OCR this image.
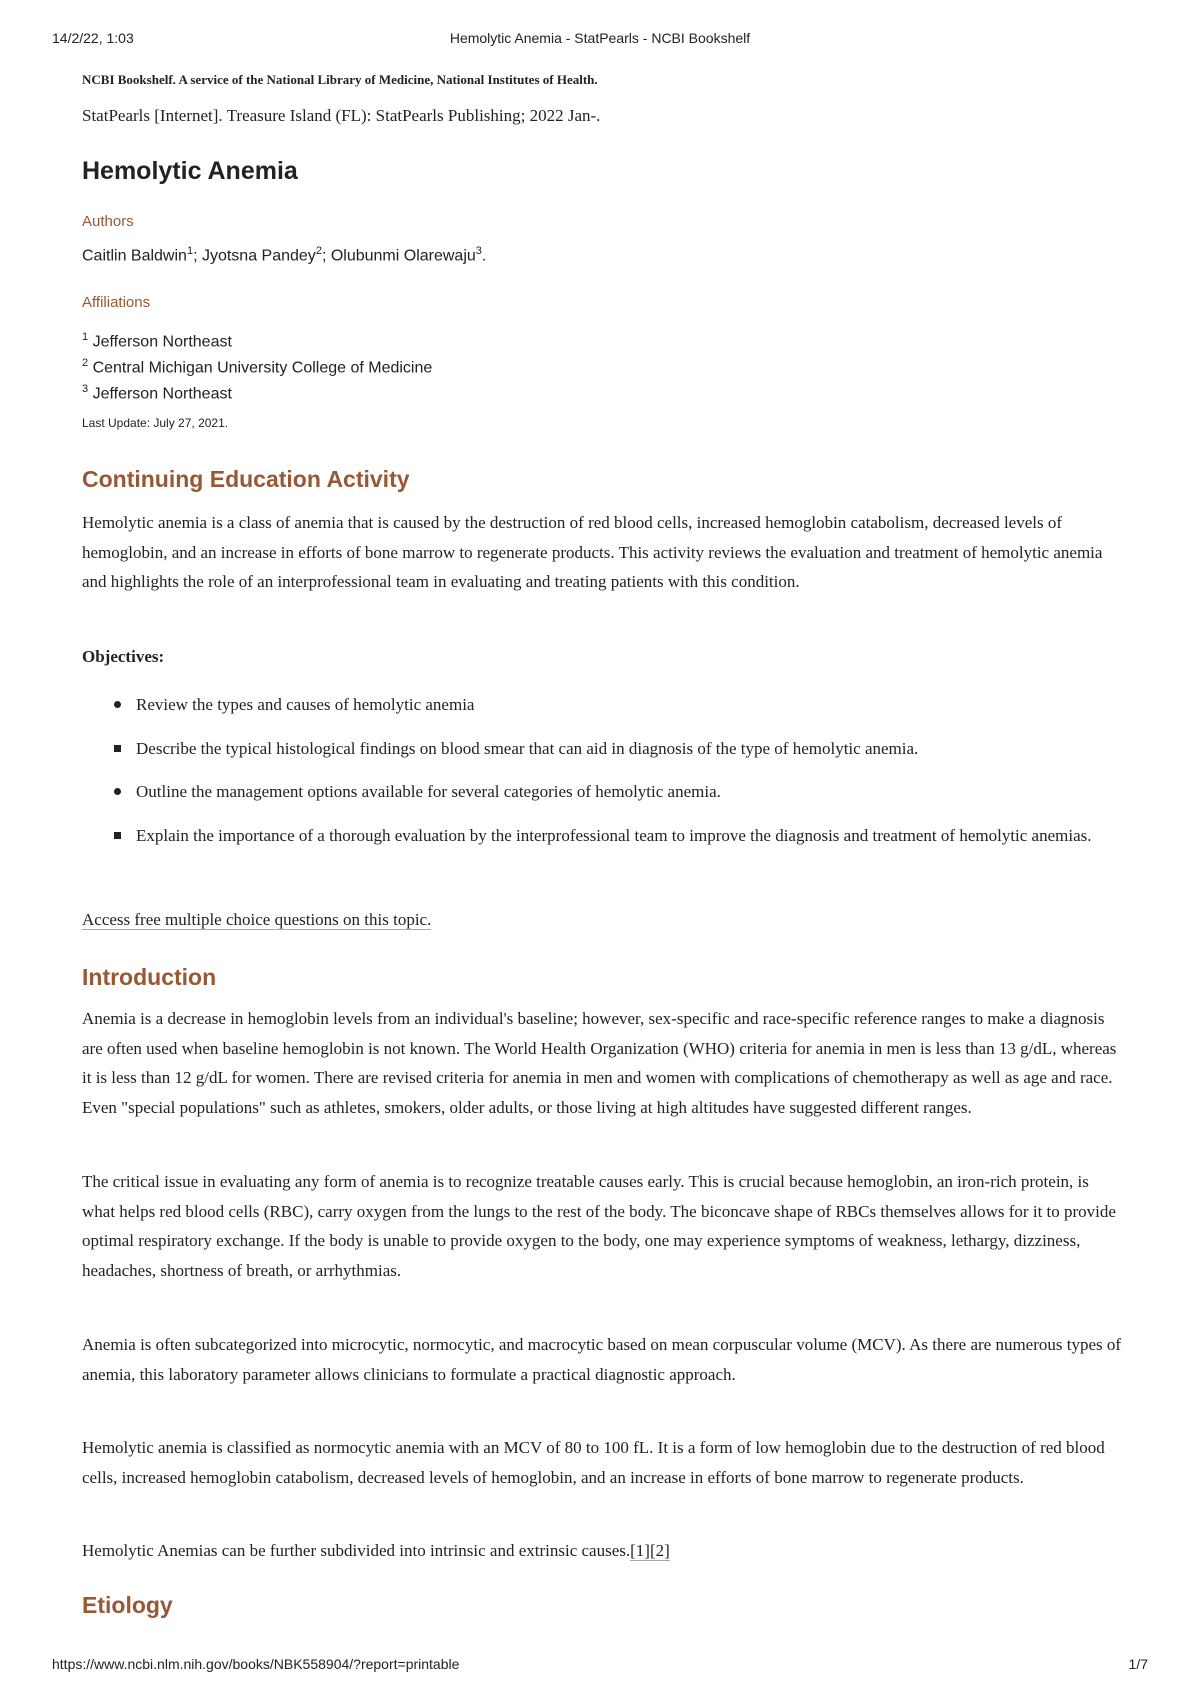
14/2/22, 1:03	Hemolytic Anemia - StatPearls - NCBI Bookshelf
NCBI Bookshelf. A service of the National Library of Medicine, National Institutes of Health.
StatPearls [Internet]. Treasure Island (FL): StatPearls Publishing; 2022 Jan-.
Hemolytic Anemia
Authors
Caitlin Baldwin$^1$; Jyotsna Pandey$^2$; Olubunmi Olarewaju$^3$.
Affiliations
$^1$ Jefferson Northeast
$^2$ Central Michigan University College of Medicine
$^3$ Jefferson Northeast
Last Update: July 27, 2021.
Continuing Education Activity

Hemolytic anemia is a class of anemia that is caused by the destruction of red blood cells, increased hemoglobin catabolism, decreased levels of hemoglobin, and an increase in efforts of bone marrow to regenerate products. This activity reviews the evaluation and treatment of hemolytic anemia and highlights the role of an interprofessional team in evaluating and treating patients with this condition.

Objectives:
Review the types and causes of hemolytic anemia
Describe the typical histological findings on blood smear that can aid in diagnosis of the type of hemolytic anemia.
Outline the management options available for several categories of hemolytic anemia.
Explain the importance of a thorough evaluation by the interprofessional team to improve the diagnosis and treatment of hemolytic anemias.
Access free multiple choice questions on this topic.
Introduction

Anemia is a decrease in hemoglobin levels from an individual's baseline; however, sex-specific and race-specific reference ranges to make a diagnosis are often used when baseline hemoglobin is not known. The World Health Organization (WHO) criteria for anemia in men is less than 13 g/dL, whereas it is less than 12 g/dL for women. There are revised criteria for anemia in men and women with complications of chemotherapy as well as age and race. Even "special populations" such as athletes, smokers, older adults, or those living at high altitudes have suggested different ranges.

The critical issue in evaluating any form of anemia is to recognize treatable causes early. This is crucial because hemoglobin, an iron-rich protein, is what helps red blood cells (RBC), carry oxygen from the lungs to the rest of the body. The biconcave shape of RBCs themselves allows for it to provide optimal respiratory exchange. If the body is unable to provide oxygen to the body, one may experience symptoms of weakness, lethargy, dizziness, headaches, shortness of breath, or arrhythmias.

Anemia is often subcategorized into microcytic, normocytic, and macrocytic based on mean corpuscular volume (MCV). As there are numerous types of anemia, this laboratory parameter allows clinicians to formulate a practical diagnostic approach.

Hemolytic anemia is classified as normocytic anemia with an MCV of 80 to 100 fL. It is a form of low hemoglobin due to the destruction of red blood cells, increased hemoglobin catabolism, decreased levels of hemoglobin, and an increase in efforts of bone marrow to regenerate products.

Hemolytic Anemias can be further subdivided into intrinsic and extrinsic causes.[1][2]

Etiology
https://www.ncbi.nlm.nih.gov/books/NBK558904/?report=printable	1/7
